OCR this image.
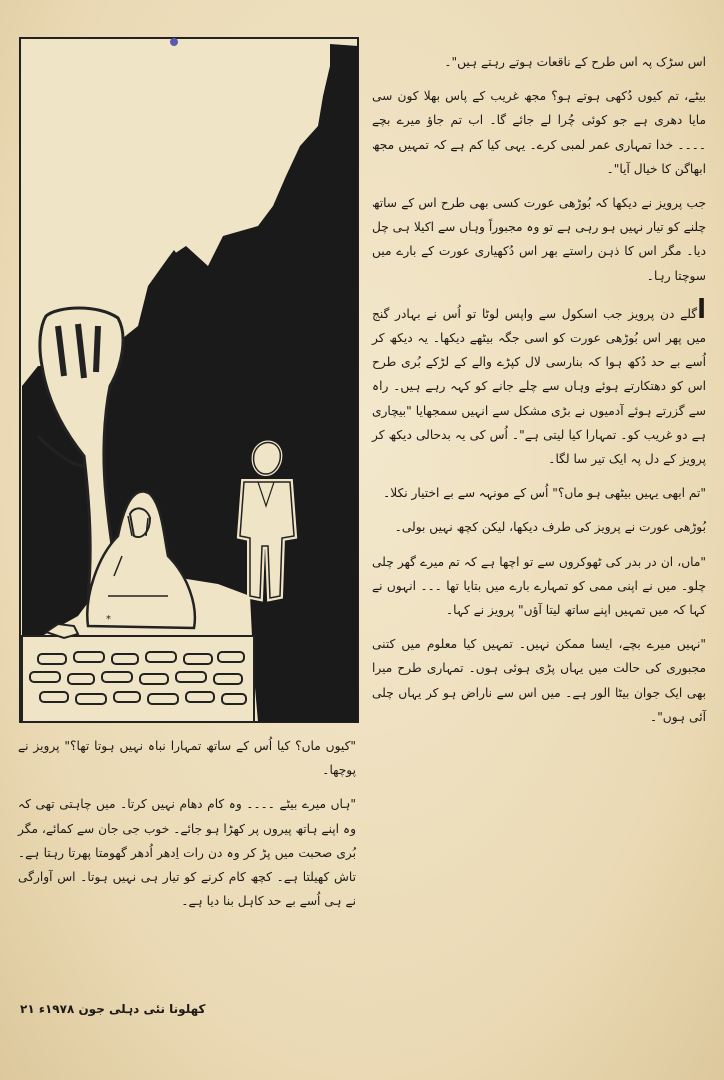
*

اس سڑک پہ اس طرح کے ناقعات ہوتے رہتے ہیں"۔

بیٹے، تم کیوں دُکھی ہوتے ہو؟ مجھ غریب کے پاس بھلا کون سی مایا دھری ہے جو کوئی چُرا لے جائے گا۔ اب تم جاؤ میرے بچے ۔۔۔۔ خدا تمہاری عمر لمبی کرے۔ یہی کیا کم ہے کہ تمہیں مجھ ابھاگن کا خیال آیا"۔

جب پرویز نے دیکھا کہ بُوڑھی عورت کسی بھی طرح اس کے ساتھ چلنے کو تیار نہیں ہو رہی ہے تو وہ مجبوراً وہاں سے اکیلا ہی چل دیا۔ مگر اس کا ذہن راستے بھر اس دُکھیاری عورت کے بارے میں سوچتا رہا۔

اگلے دن پرویز جب اسکول سے واپس لوٹا تو اُس نے بہادر گنج میں پھر اس بُوڑھی عورت کو اسی جگہ بیٹھے دیکھا۔ یہ دیکھ کر اُسے بے حد دُکھ ہوا کہ بنارسی لال کپڑے والے کے لڑکے بُری طرح اس کو دھتکارتے ہوئے وہاں سے چلے جانے کو کہہ رہے ہیں۔ راہ سے گزرتے ہوئے آدمیوں نے بڑی مشکل سے انہیں سمجھایا "بیچاری ہے دو غریب کو۔ تمہارا کیا لیتی ہے"۔ اُس کی یہ بدحالی دیکھ کر پرویز کے دل پہ ایک تیر سا لگا۔

"تم ابھی یہیں بیٹھی ہو ماں؟" اُس کے مونہہ سے بے اختیار نکلا۔

بُوڑھی عورت نے پرویز کی طرف دیکھا، لیکن کچھ نہیں بولی۔

"ماں، ان در بدر کی ٹھوکروں سے تو اچھا ہے کہ تم میرے گھر چلی چلو۔ میں نے اپنی ممی کو تمہارے بارے میں بتایا تھا ۔۔۔ انہوں نے کہا کہ میں تمہیں اپنے ساتھ لیتا آؤں" پرویز نے کہا۔

"نہیں میرے بچے، ایسا ممکن نہیں۔ تمہیں کیا معلوم میں کتنی مجبوری کی حالت میں یہاں پڑی ہوئی ہوں۔ تمہاری طرح میرا بھی ایک جوان بیٹا الور ہے۔ میں اس سے ناراض ہو کر یہاں چلی آئی ہوں"۔

"کیوں ماں؟ کیا اُس کے ساتھ تمہارا نباہ نہیں ہوتا تھا؟" پرویز نے پوچھا۔

"ہاں میرے بیٹے ۔۔۔۔ وہ کام دھام نہیں کرتا۔ میں چاہتی تھی کہ وہ اپنے ہاتھ پیروں پر کھڑا ہو جائے۔ خوب جی جان سے کمائے، مگر بُری صحبت میں پڑ کر وہ دن رات اِدھر اُدھر گھومتا پھرتا رہتا ہے۔ تاش کھیلتا ہے۔ کچھ کام کرنے کو تیار ہی نہیں ہوتا۔ اس آوارگی نے ہی اُسے بے حد کاہل بنا دیا ہے۔

کھلونا نئی دہلی جون ۱۹۷۸ء ۲۱
